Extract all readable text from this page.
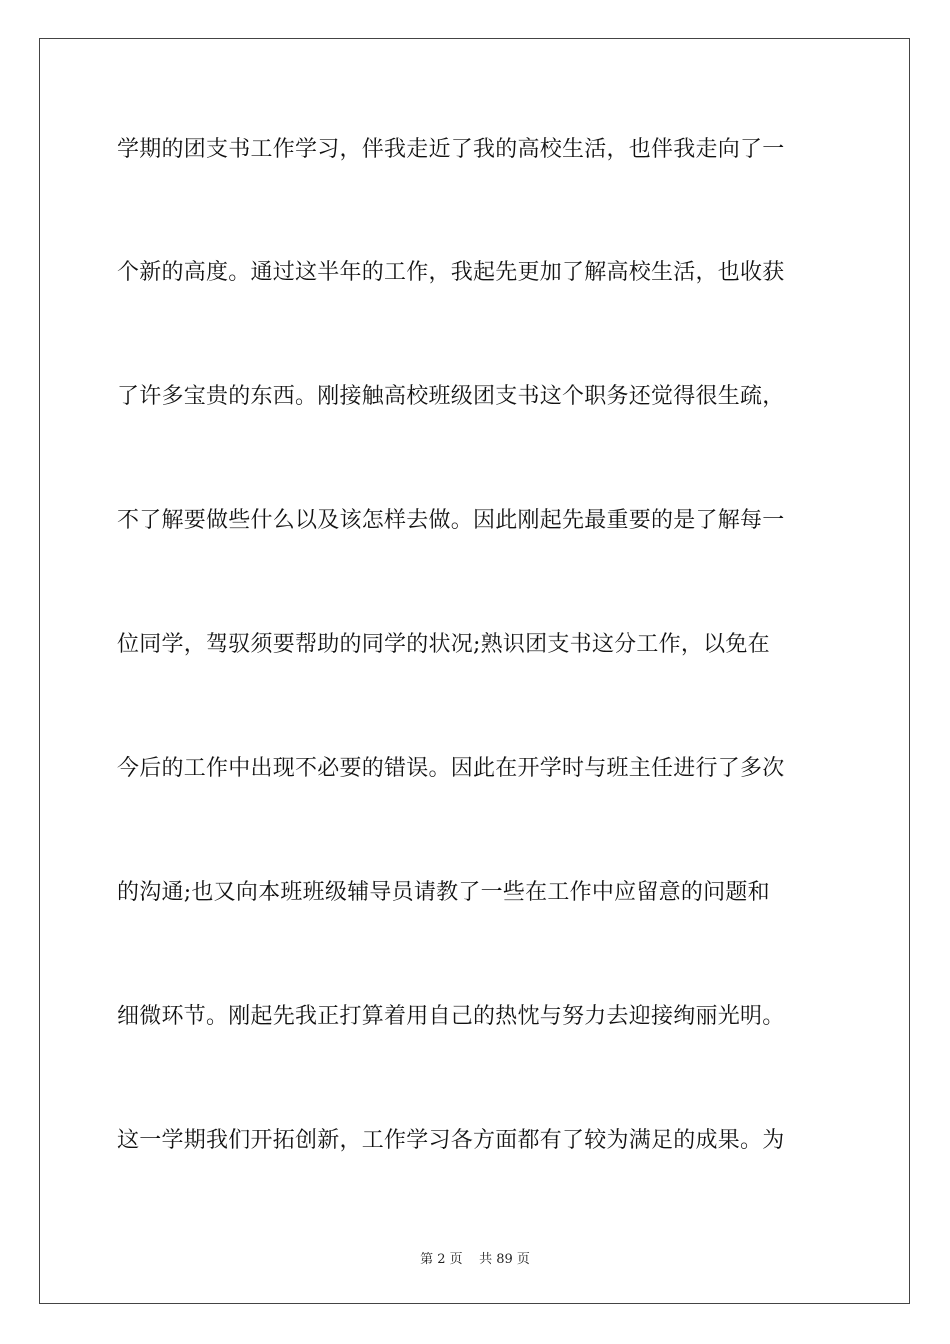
学期的团支书工作学习，伴我走近了我的高校生活，也伴我走向了一
个新的高度。通过这半年的工作，我起先更加了解高校生活，也收获
了许多宝贵的东西。刚接触高校班级团支书这个职务还觉得很生疏，
不了解要做些什么以及该怎样去做。因此刚起先最重要的是了解每一
位同学，驾驭须要帮助的同学的状况;熟识团支书这分工作，以免在
今后的工作中出现不必要的错误。因此在开学时与班主任进行了多次
的沟通;也又向本班班级辅导员请教了一些在工作中应留意的问题和
细微环节。刚起先我正打算着用自己的热忱与努力去迎接绚丽光明。
这一学期我们开拓创新，工作学习各方面都有了较为满足的成果。为
第 2 页    共 89 页
